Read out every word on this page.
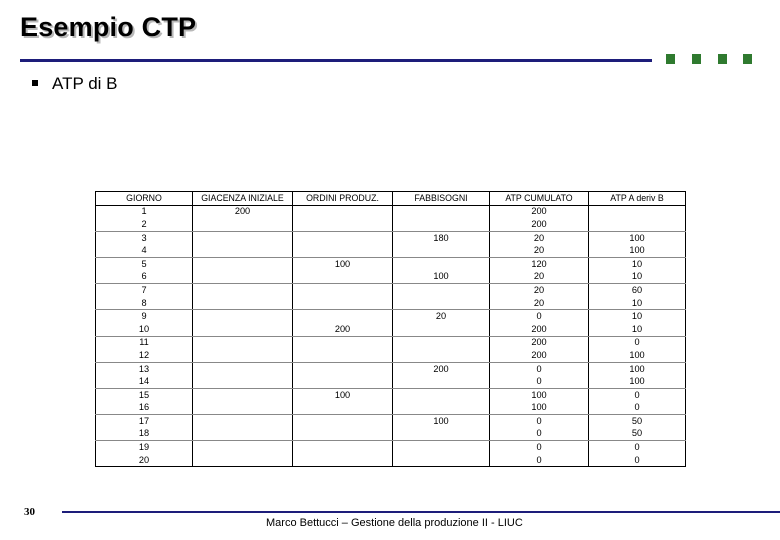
Esempio CTP
ATP di B
GIORNO	GIACENZA INIZIALE	ORDINI PRODUZ.	FABBISOGNI	ATP CUMULATO	ATP A deriv B
1	200			200	
2				200	
3			180	20	100
4				20	100
5		100		120	10
6			100	20	10
7				20	60
8				20	10
9			20	0	10
10		200		200	10
11				200	0
12				200	100
13			200	0	100
14				0	100
15		100		100	0
16				100	0
17			100	0	50
18				0	50
19				0	0
20				0	0
30
Marco Bettucci – Gestione della produzione II - LIUC
